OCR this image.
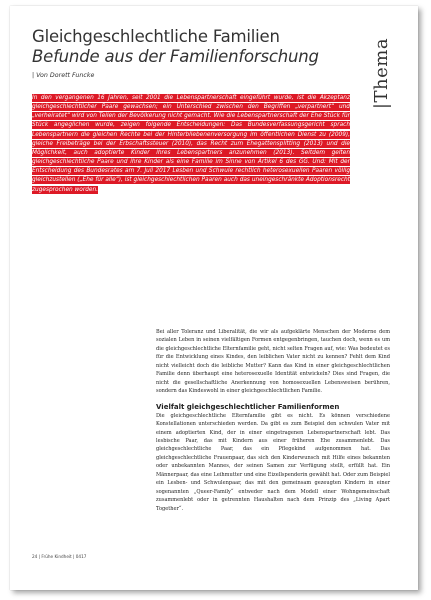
Gleichgeschlechtliche Familien
Befunde aus der Familienforschung
| Von Dorett Funcke	|Thema

In den vergangenen 16 Jahren, seit 2001 die Lebenspartnerschaft eingeführt wurde, ist die Akzeptanz gleichgeschlechtlicher Paare gewachsen; ein Unterschied zwischen den Begriffen „verpartnert“ und „verheiratet“ wird von Teilen der Bevölkerung nicht gemacht. Wie die Lebenspartnerschaft der Ehe Stück für Stück angeglichen wurde, zeigen folgende Entscheidungen: Das Bundesverfassungsgericht sprach Lebenspartnern die gleichen Rechte bei der Hinterbliebenenversorgung im öffentlichen Dienst zu (2009), gleiche Freibeträge bei der Erbschaftssteuer (2010), das Recht zum Ehegattensplitting (2013) und die Möglichkeit, auch adoptierte Kinder ihres Lebenspartners anzunehmen (2013). Seitdem gelten gleichgeschlechtliche Paare und ihre Kinder als eine Familie im Sinne von Artikel 6 des GG. Und: Mit der Entscheidung des Bundesrates am 7. Juli 2017 Lesben und Schwule rechtlich heterosexuellen Paaren völlig gleichzustellen („Ehe für alle“), ist gleichgeschlechtlichen Paaren auch das uneingeschränkte Adoptionsrecht zugesprochen worden.

Bei aller Toleranz und Liberalität, die wir als aufgeklärte Menschen der Moderne dem sozialen Leben in seinen vielfältigen Formen entgegenbringen, tauchen doch, wenn es um die gleichgeschlechtliche Elternfamilie geht, nicht selten Fragen auf, wie: Was bedeutet es für die Entwicklung eines Kindes, den leiblichen Vater nicht zu kennen? Fehlt dem Kind nicht vielleicht doch die leibliche Mutter? Kann das Kind in einer gleichgeschlechtlichen Familie denn überhaupt eine heterosexuelle Identität entwickeln? Dies sind Fragen, die nicht die gesellschaftliche Anerkennung von homosexuellen Lebensweisen berühren, sondern das Kindeswohl in einer gleichgeschlechtlichen Familie.

Vielfalt gleichgeschlechtlicher Familienformen

Die gleichgeschlechtliche Elternfamilie gibt es nicht. Es können verschiedene Konstellationen unterschieden werden. Da gibt es zum Beispiel den schwulen Vater mit einem adoptierten Kind, der in einer eingetragenen Lebenspartnerschaft lebt. Das lesbische Paar, das mit Kindern aus einer früheren Ehe zusammenlebt. Das gleichgeschlechtliche Paar, das ein Pflegekind aufgenommen hat. Das gleichgeschlechtliche Frauenpaar, das sich den Kinderwunsch mit Hilfe eines bekannten oder unbekannten Mannes, der seinen Samen zur Verfügung stellt, erfüllt hat. Ein Männerpaar, das eine Leihmutter und eine Eizellspenderin gewählt hat. Oder zum Beispiel ein Lesben- und Schwulenpaar, das mit den gemeinsam gezeugten Kindern in einer sogenannten „Queer-Family“ entweder nach dem Modell einer Wohngemeinschaft zusammenlebt oder in getrennten Haushalten nach dem Prinzip des „Living Apart Together“.

24 | Frühe Kindheit | 0417
